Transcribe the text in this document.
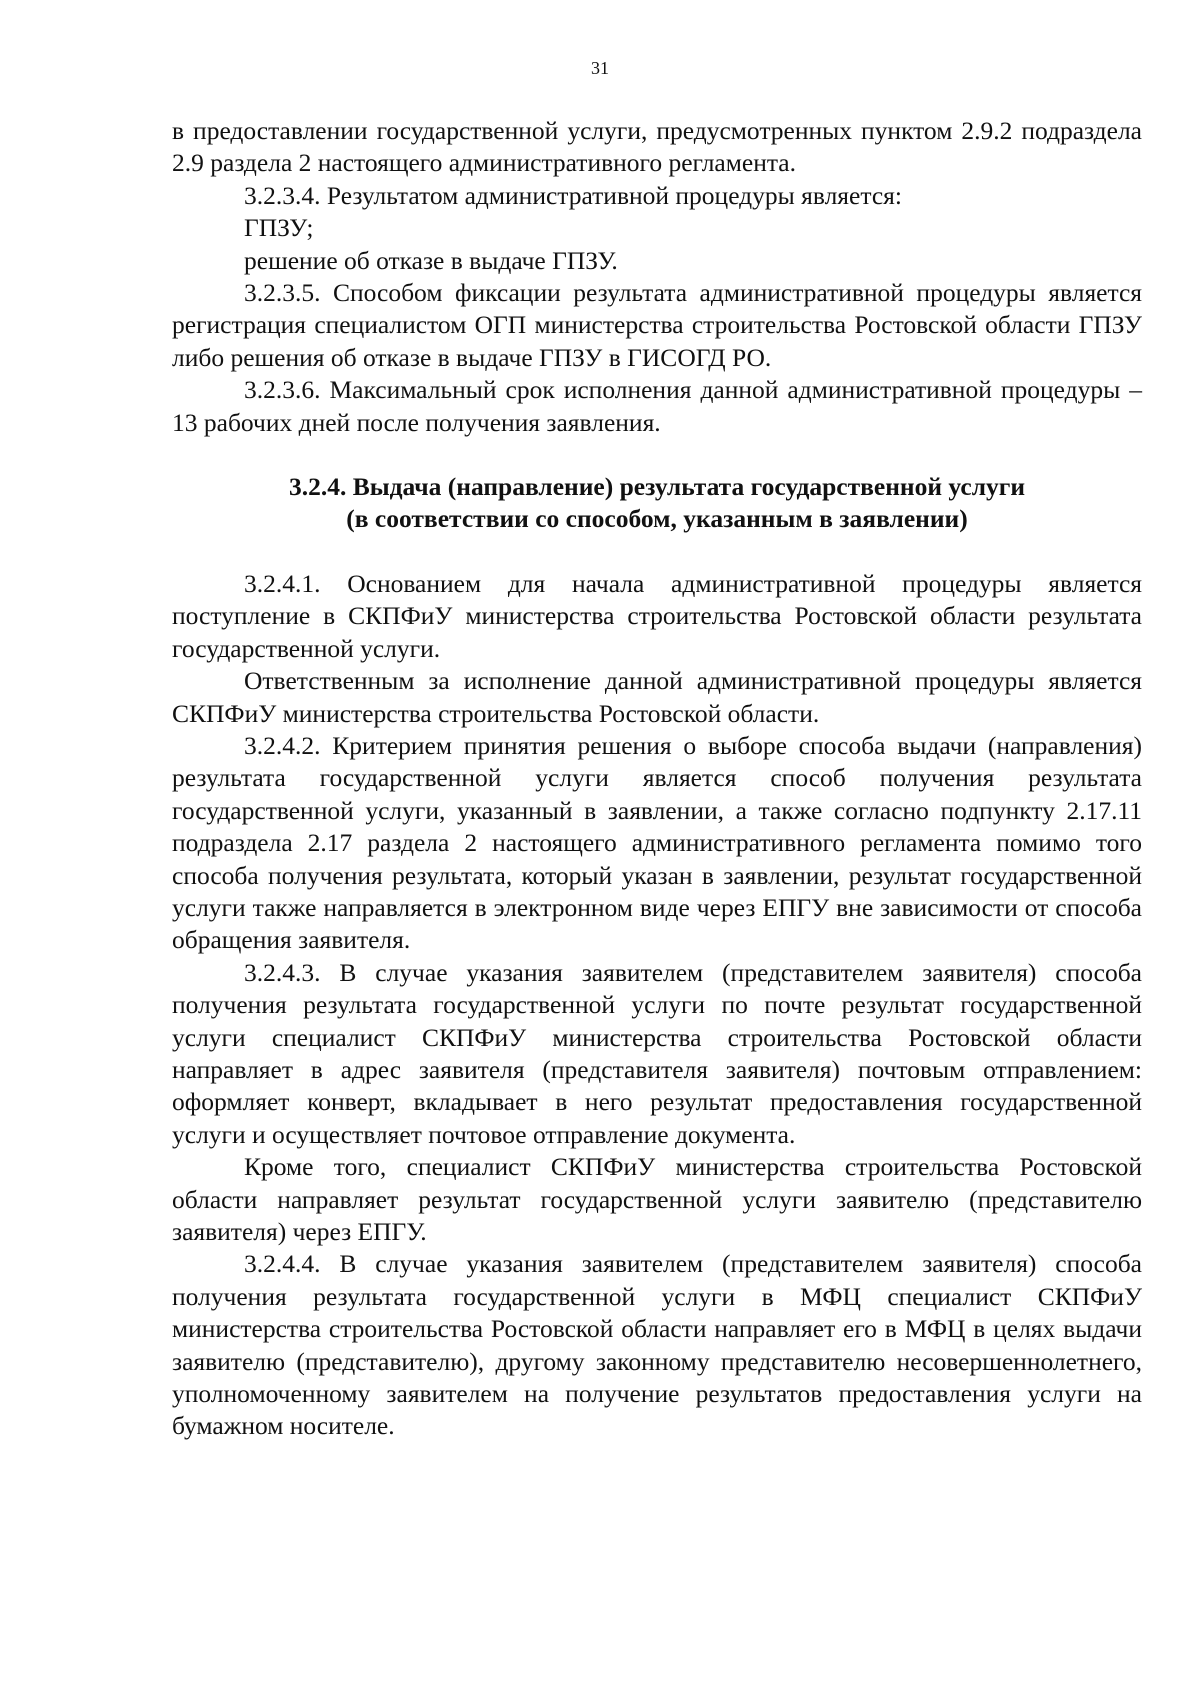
31

в предоставлении государственной услуги, предусмотренных пунктом 2.9.2 подраздела 2.9 раздела 2 настоящего административного регламента.

3.2.3.4. Результатом административной процедуры является:

ГПЗУ;

решение об отказе в выдаче ГПЗУ.

3.2.3.5. Способом фиксации результата административной процедуры является регистрация специалистом ОГП министерства строительства Ростовской области ГПЗУ либо решения об отказе в выдаче ГПЗУ в ГИСОГД РО.

3.2.3.6. Максимальный срок исполнения данной административной процедуры – 13 рабочих дней после получения заявления.

3.2.4. Выдача (направление) результата государственной услуги
(в соответствии со способом, указанным в заявлении)

3.2.4.1. Основанием для начала административной процедуры является поступление в СКПФиУ министерства строительства Ростовской области результата государственной услуги.

Ответственным за исполнение данной административной процедуры является СКПФиУ министерства строительства Ростовской области.

3.2.4.2. Критерием принятия решения о выборе способа выдачи (направления) результата государственной услуги является способ получения результата государственной услуги, указанный в заявлении, а также согласно подпункту 2.17.11 подраздела 2.17 раздела 2 настоящего административного регламента помимо того способа получения результата, который указан в заявлении, результат государственной услуги также направляется в электронном виде через ЕПГУ вне зависимости от способа обращения заявителя.

3.2.4.3. В случае указания заявителем (представителем заявителя) способа получения результата государственной услуги по почте результат государственной услуги специалист СКПФиУ министерства строительства Ростовской области направляет в адрес заявителя (представителя заявителя) почтовым отправлением: оформляет конверт, вкладывает в него результат предоставления государственной услуги и осуществляет почтовое отправление документа.

Кроме того, специалист СКПФиУ министерства строительства Ростовской области направляет результат государственной услуги заявителю (представителю заявителя) через ЕПГУ.

3.2.4.4. В случае указания заявителем (представителем заявителя) способа получения результата государственной услуги в МФЦ специалист СКПФиУ министерства строительства Ростовской области направляет его в МФЦ в целях выдачи заявителю (представителю), другому законному представителю несовершеннолетнего, уполномоченному заявителем на получение результатов предоставления услуги на бумажном носителе.
